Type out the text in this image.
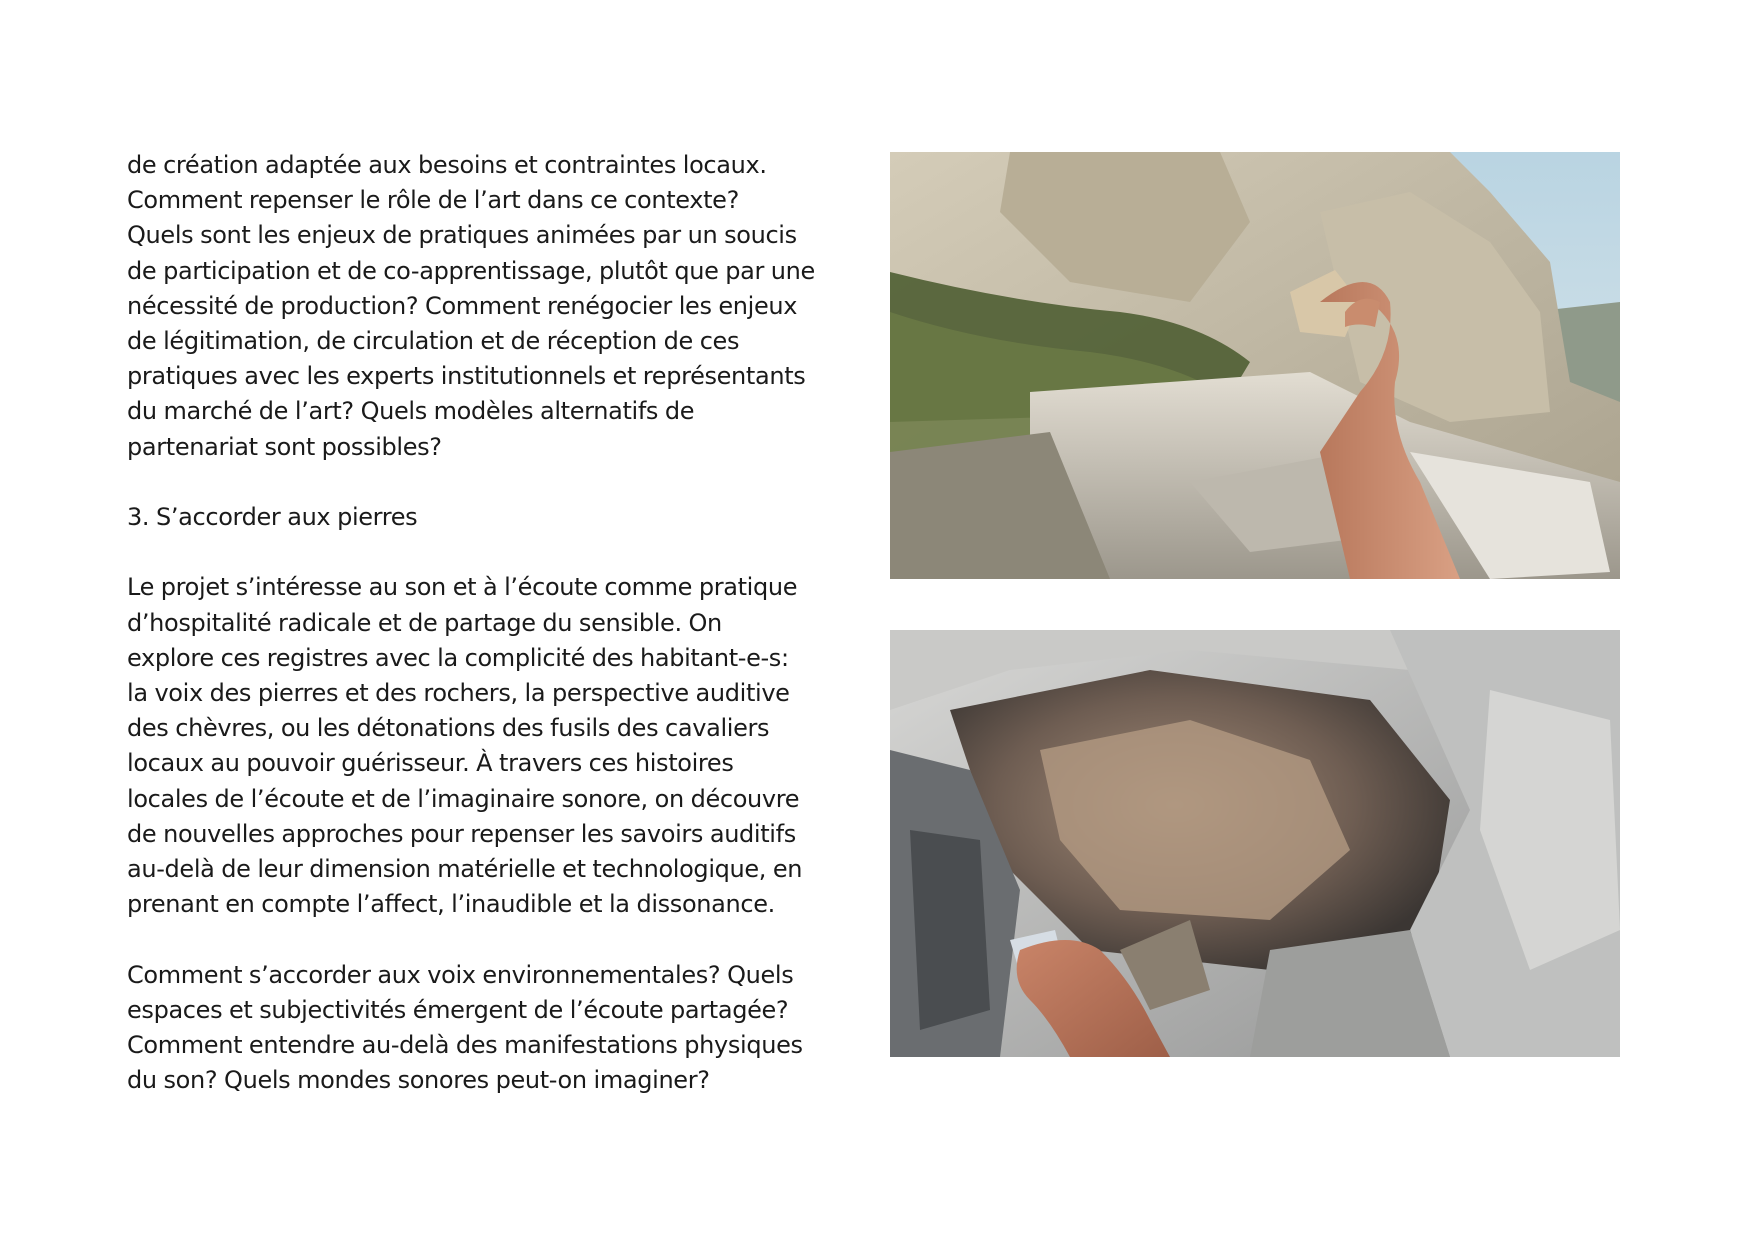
de création adaptée aux besoins et contraintes locaux.
Comment repenser le rôle de l’art dans ce contexte?
Quels sont les enjeux de pratiques animées par un soucis
de participation et de co-apprentissage, plutôt que par une
nécessité de production? Comment renégocier les enjeux
de légitimation, de circulation et de réception de ces
pratiques avec les experts institutionnels et représentants
du marché de l’art? Quels modèles alternatifs de
partenariat sont possibles?

3. S’accorder aux pierres

Le projet s’intéresse au son et à l’écoute comme pratique
d’hospitalité radicale et de partage du sensible. On
explore ces registres avec la complicité des habitant-e-s:
la voix des pierres et des rochers, la perspective auditive
des chèvres, ou les détonations des fusils des cavaliers
locaux au pouvoir guérisseur. À travers ces histoires
locales de l’écoute et de l’imaginaire sonore, on découvre
de nouvelles approches pour repenser les savoirs auditifs
au-delà de leur dimension matérielle et technologique, en
prenant en compte l’affect, l’inaudible et la dissonance.

Comment s’accorder aux voix environnementales? Quels
espaces et subjectivités émergent de l’écoute partagée?
Comment entendre au-delà des manifestations physiques
du son? Quels mondes sonores peut-on imaginer?
